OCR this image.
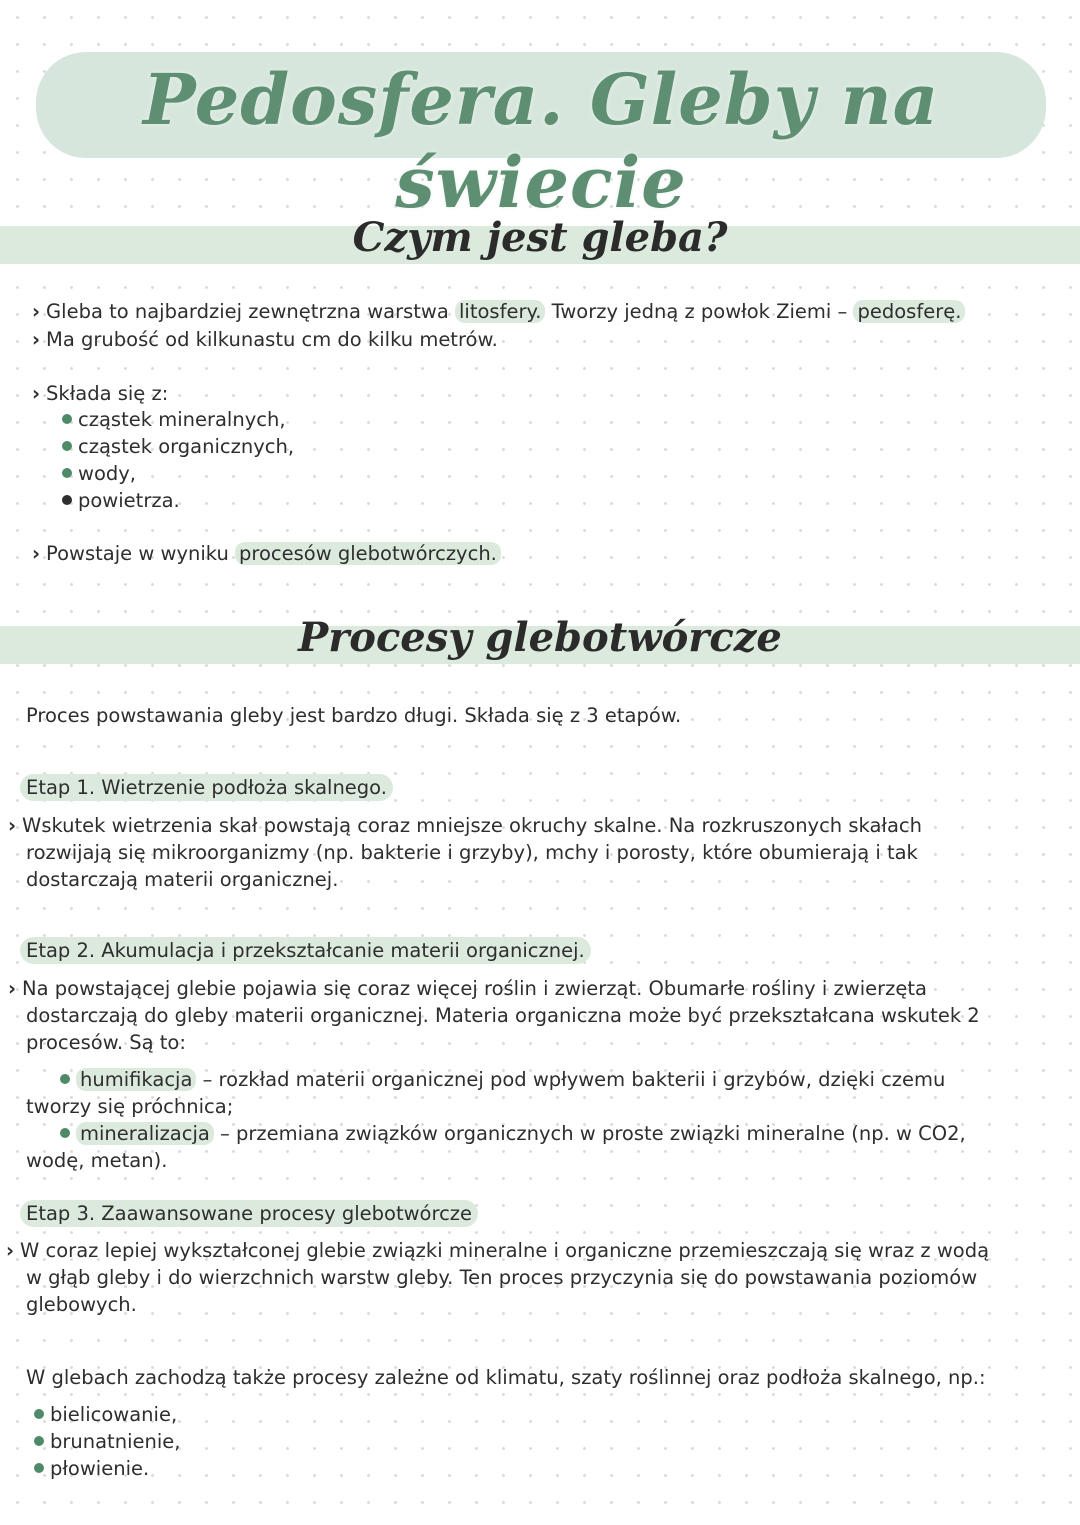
Pedosfera. Gleby na świecie
Czym jest gleba?
› Gleba to najbardziej zewnętrzna warstwa litosfery. Tworzy jedną z powłok Ziemi – pedosferę.
› Ma grubość od kilkunastu cm do kilku metrów.
› Składa się z:
cząstek mineralnych,
cząstek organicznych,
wody,
powietrza.
› Powstaje w wyniku procesów glebotwórczych.
Procesy glebotwórcze
Proces powstawania gleby jest bardzo długi. Składa się z 3 etapów.
Etap 1. Wietrzenie podłoża skalnego.
› Wskutek wietrzenia skał powstają coraz mniejsze okruchy skalne. Na rozkruszonych skałach
rozwijają się mikroorganizmy (np. bakterie i grzyby), mchy i porosty, które obumierają i tak
dostarczają materii organicznej.
Etap 2. Akumulacja i przekształcanie materii organicznej.
› Na powstającej glebie pojawia się coraz więcej roślin i zwierząt. Obumarłe rośliny i zwierzęta
dostarczają do gleby materii organicznej. Materia organiczna może być przekształcana wskutek 2
procesów. Są to:
humifikacja – rozkład materii organicznej pod wpływem bakterii i grzybów, dzięki czemu
tworzy się próchnica;
mineralizacja – przemiana związków organicznych w proste związki mineralne (np. w CO2,
wodę, metan).
Etap 3. Zaawansowane procesy glebotwórcze
› W coraz lepiej wykształconej glebie związki mineralne i organiczne przemieszczają się wraz z wodą
w głąb gleby i do wierzchnich warstw gleby. Ten proces przyczynia się do powstawania poziomów
glebowych.
W glebach zachodzą także procesy zależne od klimatu, szaty roślinnej oraz podłoża skalnego, np.:
bielicowanie,
brunatnienie,
płowienie.
